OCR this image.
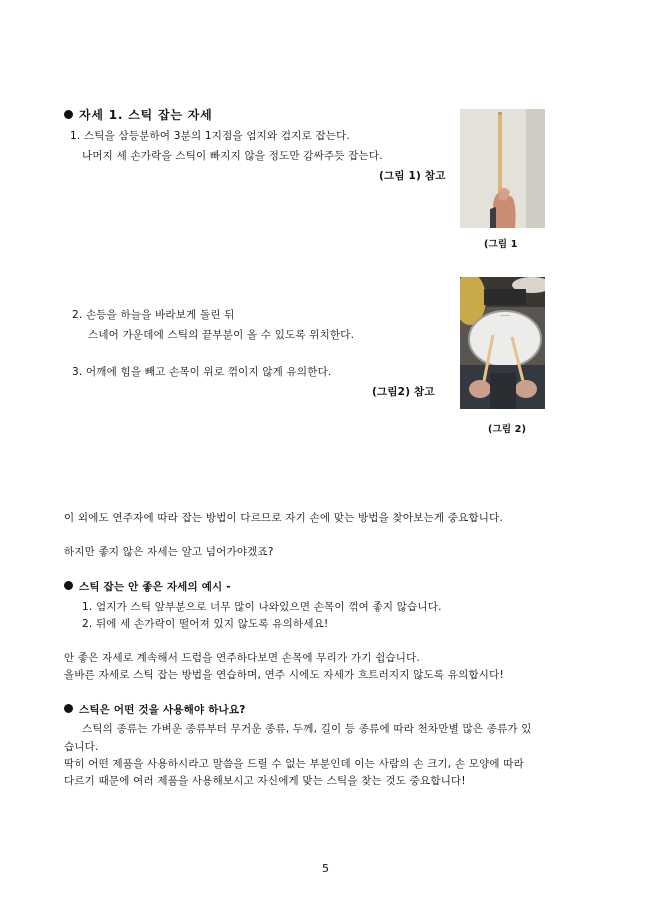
자세 1. 스틱 잡는 자세
1. 스틱을 삼등분하여 3분의 1지점을 엄지와 검지로 잡는다.
나머지 세 손가락을 스틱이 빠지지 않을 정도만 감싸주듯 잡는다.
(그림 1) 참고
(그림 1
2. 손등을 하늘을 바라보게 돌린 뒤
스네어 가운데에 스틱의 끝부분이 올 수 있도록 위치한다.
3. 어깨에 힘을 빼고 손목이 위로 꺾이지 않게 유의한다.
(그림2) 참고
·····
(그림 2)
이 외에도 연주자에 따라 잡는 방법이 다르므로 자기 손에 맞는 방법을 찾아보는게 중요합니다.
하지만 좋지 않은 자세는 알고 넘어가야겠죠?
스틱 잡는 안 좋은 자세의 예시 -
1. 엄지가 스틱 앞부분으로 너무 많이 나와있으면 손목이 꺾여 좋지 않습니다.
2. 뒤에 세 손가락이 떨어져 있지 않도록 유의하세요!
안 좋은 자세로 계속해서 드럼을 연주하다보면 손목에 무리가 가기 쉽습니다.
올바른 자세로 스틱 잡는 방법을 연습하며, 연주 시에도 자세가 흐트러지지 않도록 유의합시다!
스틱은 어떤 것을 사용해야 하나요?
스틱의 종류는 가벼운 종류부터 무거운 종류, 두께, 길이 등 종류에 따라 천차만별 많은 종류가 있
습니다.
딱히 어떤 제품을 사용하시라고 말씀을 드릴 수 없는 부분인데 이는 사람의 손 크기, 손 모양에 따라
다르기 때문에 여러 제품을 사용해보시고 자신에게 맞는 스틱을 찾는 것도 중요합니다!
5
